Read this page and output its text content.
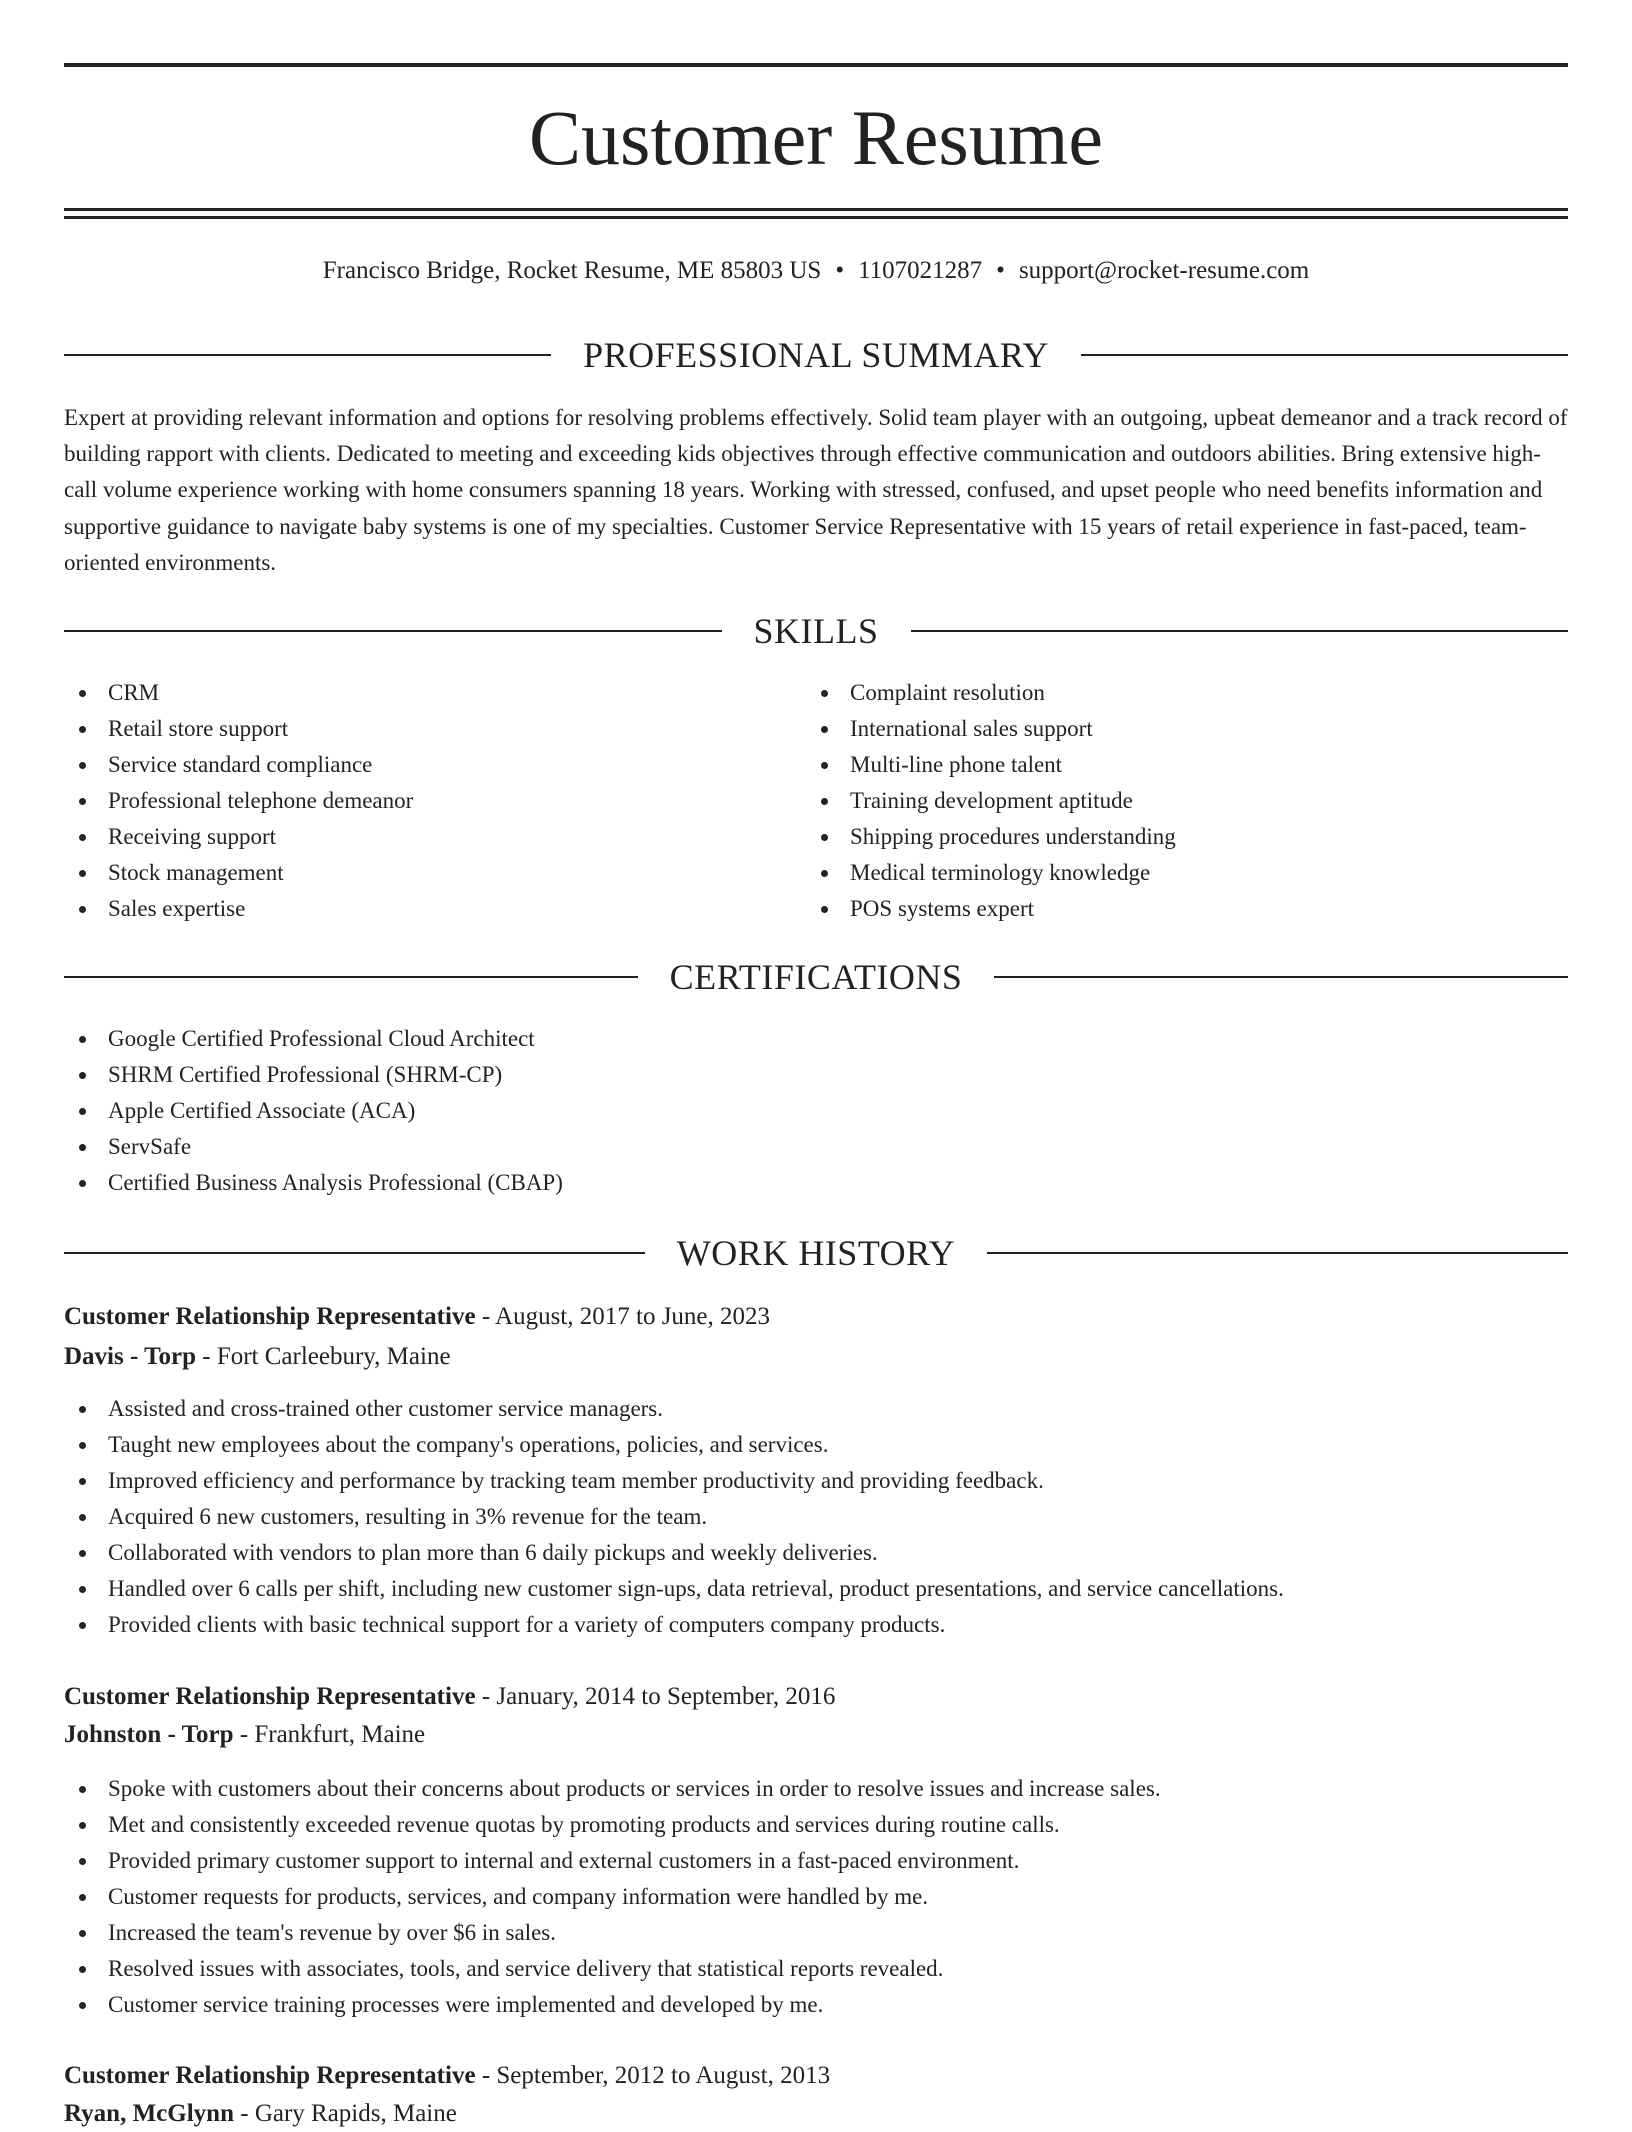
Customer Resume
Francisco Bridge, Rocket Resume, ME 85803 US • 1107021287 • support@rocket-resume.com
PROFESSIONAL SUMMARY

Expert at providing relevant information and options for resolving problems effectively. Solid team player with an outgoing, upbeat demeanor and a track record of building rapport with clients. Dedicated to meeting and exceeding kids objectives through effective communication and outdoors abilities. Bring extensive high-call volume experience working with home consumers spanning 18 years. Working with stressed, confused, and upset people who need benefits information and supportive guidance to navigate baby systems is one of my specialties. Customer Service Representative with 15 years of retail experience in fast-paced, team-oriented environments.

SKILLS
CRM
Retail store support
Service standard compliance
Professional telephone demeanor
Receiving support
Stock management
Sales expertise
Complaint resolution
International sales support
Multi-line phone talent
Training development aptitude
Shipping procedures understanding
Medical terminology knowledge
POS systems expert
CERTIFICATIONS
Google Certified Professional Cloud Architect
SHRM Certified Professional (SHRM-CP)
Apple Certified Associate (ACA)
ServSafe
Certified Business Analysis Professional (CBAP)
WORK HISTORY
Customer Relationship Representative - August, 2017 to June, 2023
Davis - Torp - Fort Carleebury, Maine
Assisted and cross-trained other customer service managers.
Taught new employees about the company's operations, policies, and services.
Improved efficiency and performance by tracking team member productivity and providing feedback.
Acquired 6 new customers, resulting in 3% revenue for the team.
Collaborated with vendors to plan more than 6 daily pickups and weekly deliveries.
Handled over 6 calls per shift, including new customer sign-ups, data retrieval, product presentations, and service cancellations.
Provided clients with basic technical support for a variety of computers company products.
Customer Relationship Representative - January, 2014 to September, 2016
Johnston - Torp - Frankfurt, Maine
Spoke with customers about their concerns about products or services in order to resolve issues and increase sales.
Met and consistently exceeded revenue quotas by promoting products and services during routine calls.
Provided primary customer support to internal and external customers in a fast-paced environment.
Customer requests for products, services, and company information were handled by me.
Increased the team's revenue by over $6 in sales.
Resolved issues with associates, tools, and service delivery that statistical reports revealed.
Customer service training processes were implemented and developed by me.
Customer Relationship Representative - September, 2012 to August, 2013
Ryan, McGlynn - Gary Rapids, Maine
